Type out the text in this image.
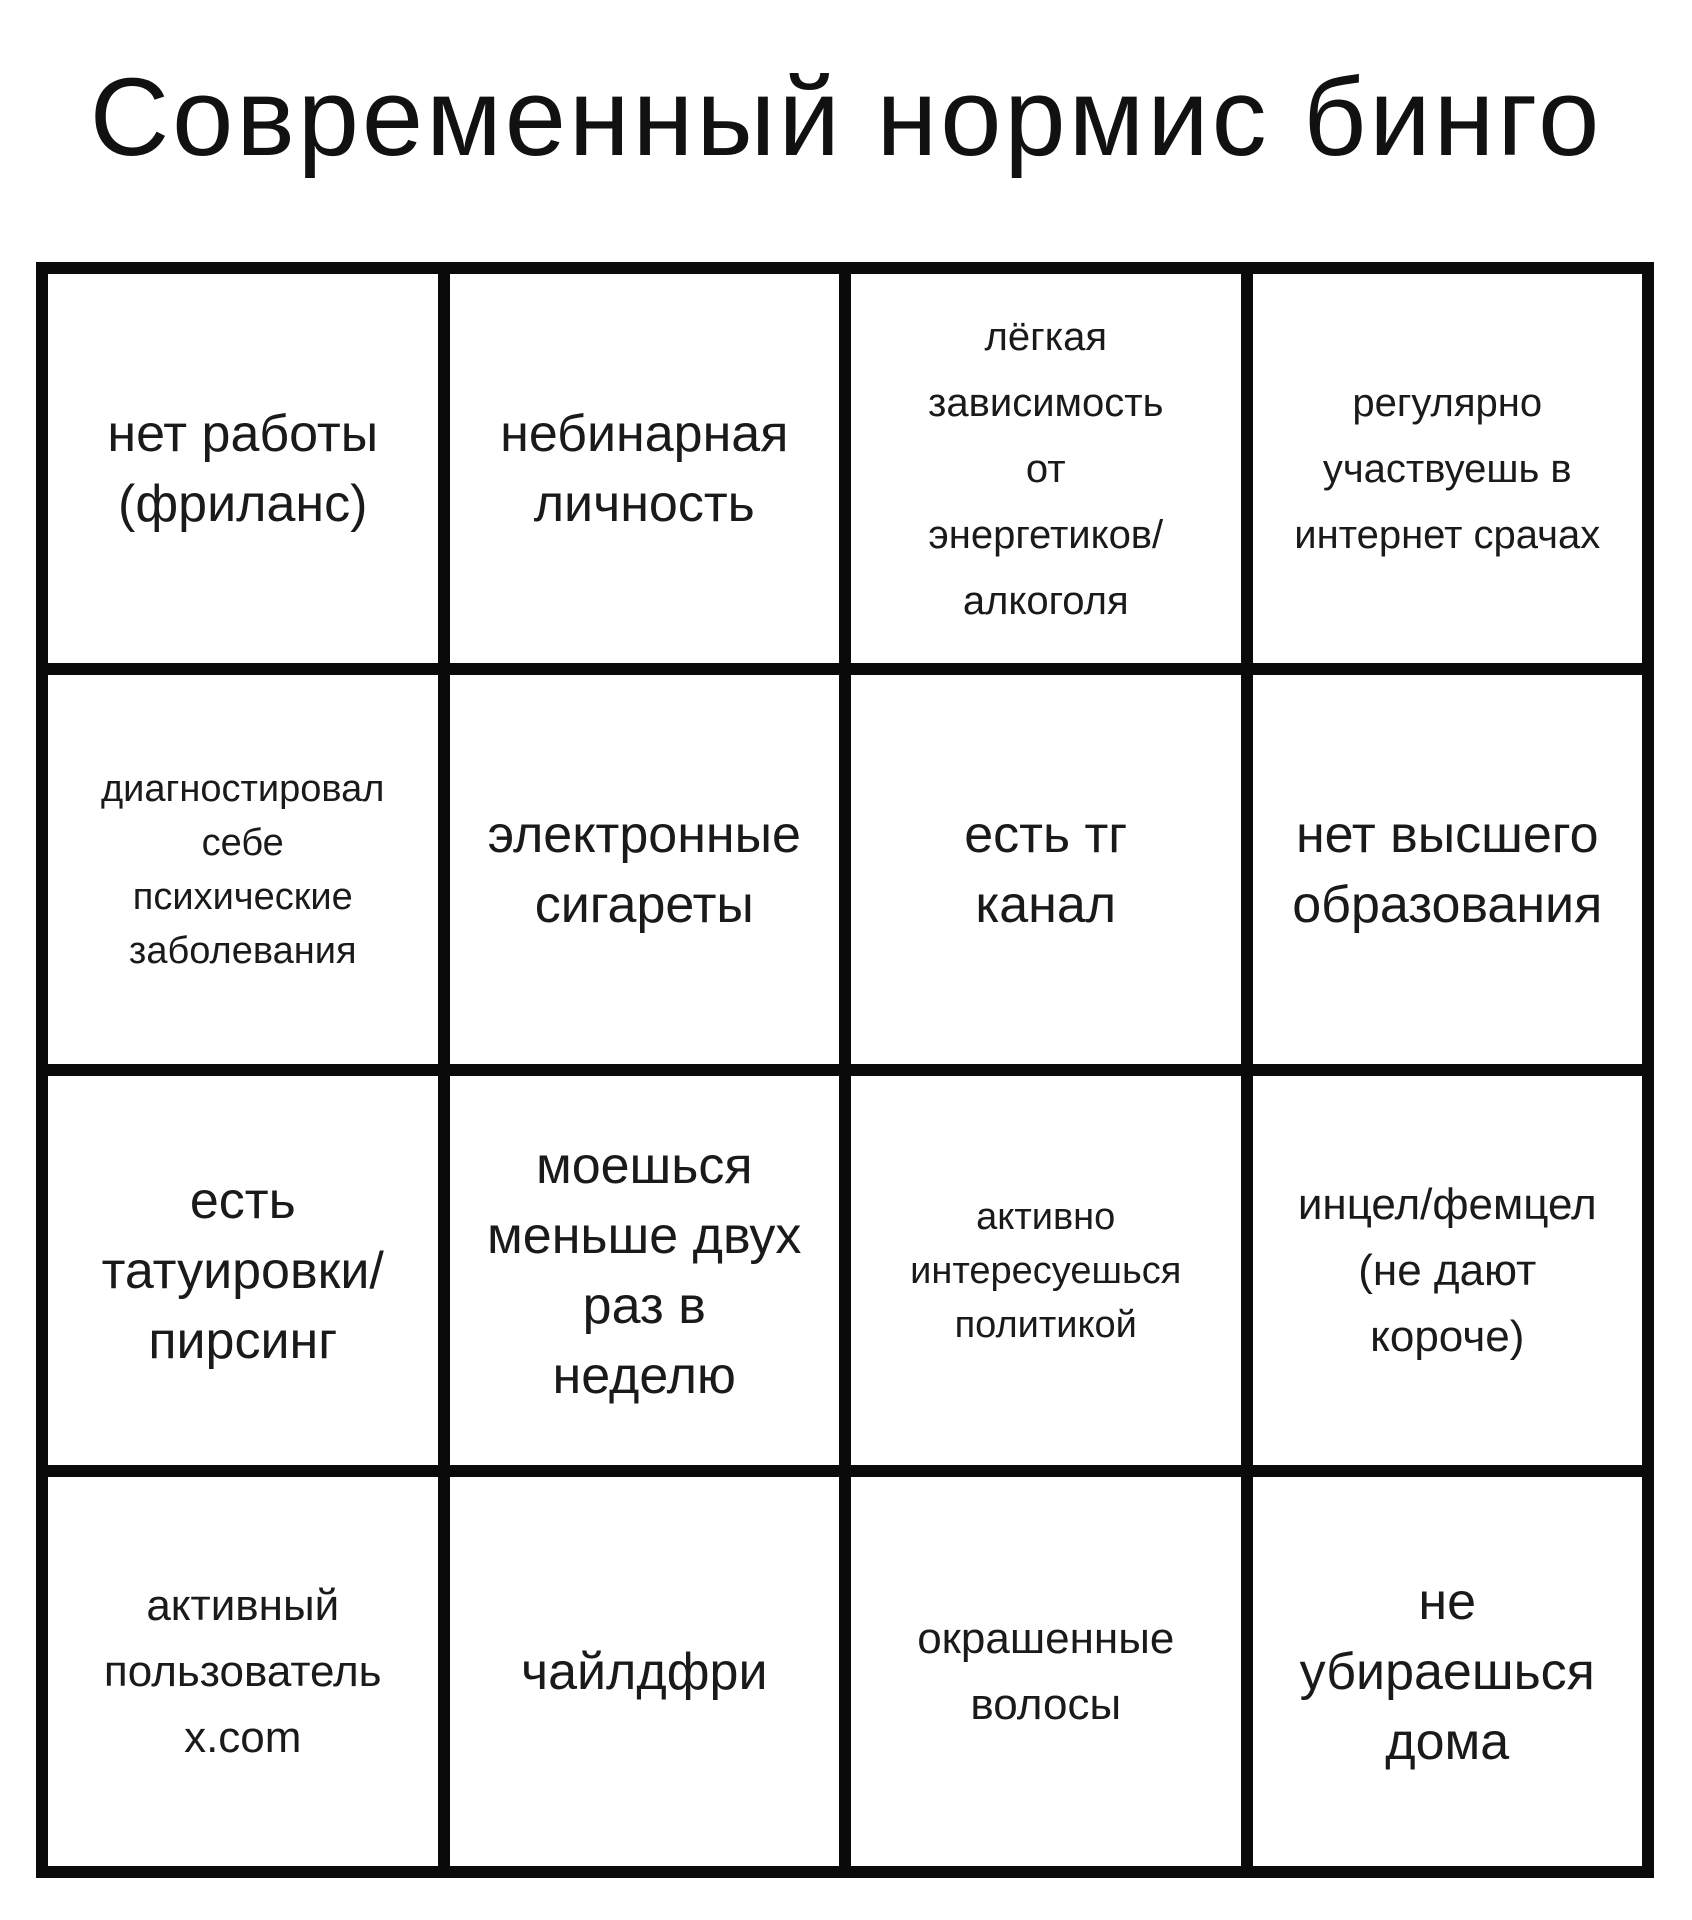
Современный нормис бинго
нет работы
(фриланс)
небинарная
личность
лёгкая
зависимость
от
энергетиков/
алкоголя
регулярно
участвуешь в
интернет срачах
диагностировал
себе
психические
заболевания
электронные
сигареты
есть тг
канал
нет высшего
образования
есть
татуировки/
пирсинг
моешься
меньше двух
раз в
неделю
активно
интересуешься
политикой
инцел/фемцел
(не дают
короче)
активный
пользователь
x.com
чайлдфри
окрашенные
волосы
не
убираешься
дома
